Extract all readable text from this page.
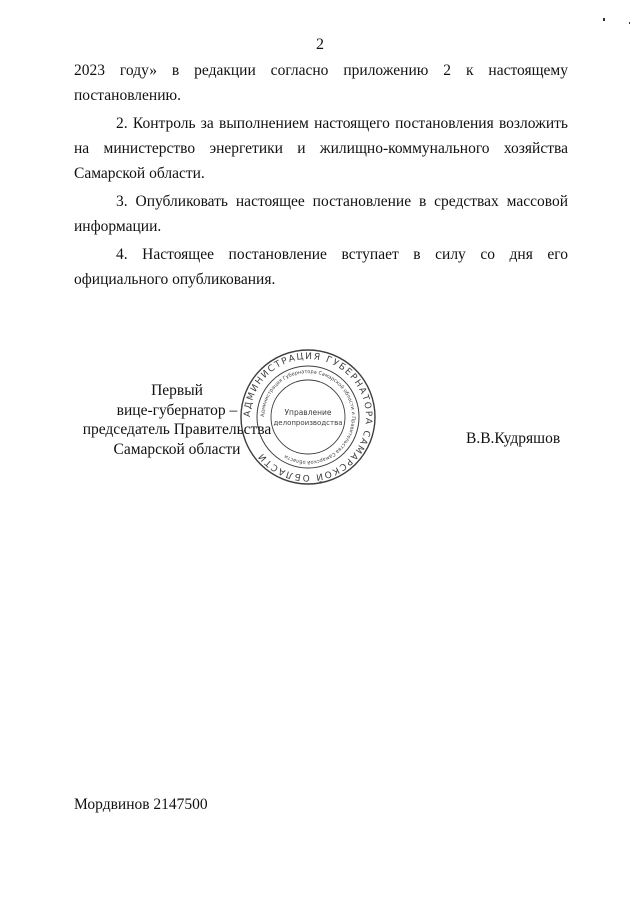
2

2023 году» в редакции согласно приложению 2 к настоящему постановлению.

2. Контроль за выполнением настоящего постановления возложить на министерство энергетики и жилищно-коммунального хозяйства Самарской области.

3. Опубликовать настоящее постановление в средствах массовой информации.

4. Настоящее постановление вступает в силу со дня его официального опубликования.

Первый
вице-губернатор –
председатель Правительства
Самарской области
АДМИНИСТРАЦИЯ ГУБЕРНАТОРА САМАРСКОЙ ОБЛАСТИ
Администрация Губернатора Самарской области и Правительства Самарской области
Управление
делопроизводства
В.В.Кудряшов
Мордвинов 2147500
